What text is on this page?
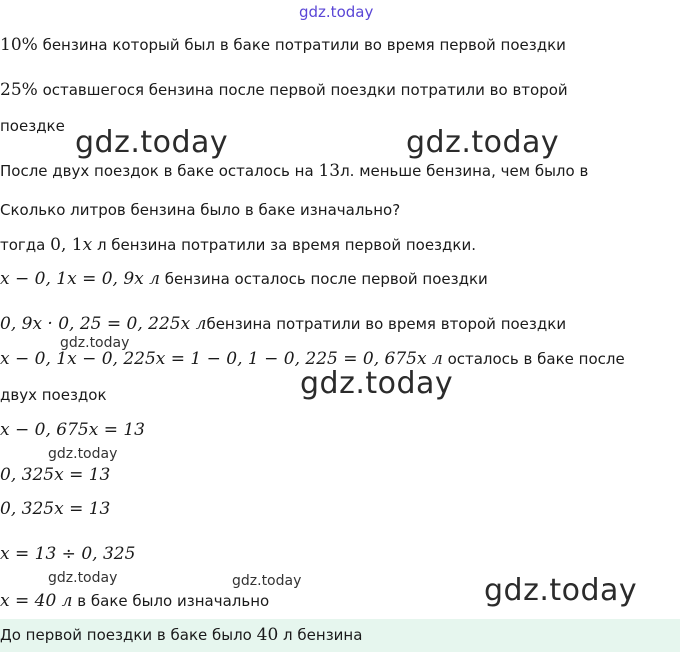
gdz.today
gdz.today	gdz.today
gdz.today
gdz.today
gdz.today
gdz.today
gdz.today	gdz.today
10% бензина который был в баке потратили во время первой поездки
25% оставшегося бензина после первой поездки потратили во второй
поездке
После двух поездок в баке осталось на 13л. меньше бензина, чем было в
Сколько литров бензина было в баке изначально?
тогда 0, 1x л бензина потратили за время первой поездки.
x − 0, 1x = 0, 9x л бензина осталось после первой поездки
0, 9x · 0, 25 = 0, 225x лбензина потратили во время второй поездки
x − 0, 1x − 0, 225x = 1 − 0, 1 − 0, 225 = 0, 675x л осталось в баке после
двух поездок
x − 0, 675x = 13
0, 325x = 13
0, 325x = 13
x = 13 ÷ 0, 325
x = 40 л в баке было изначально
До первой поездки в баке было 40 л бензина
